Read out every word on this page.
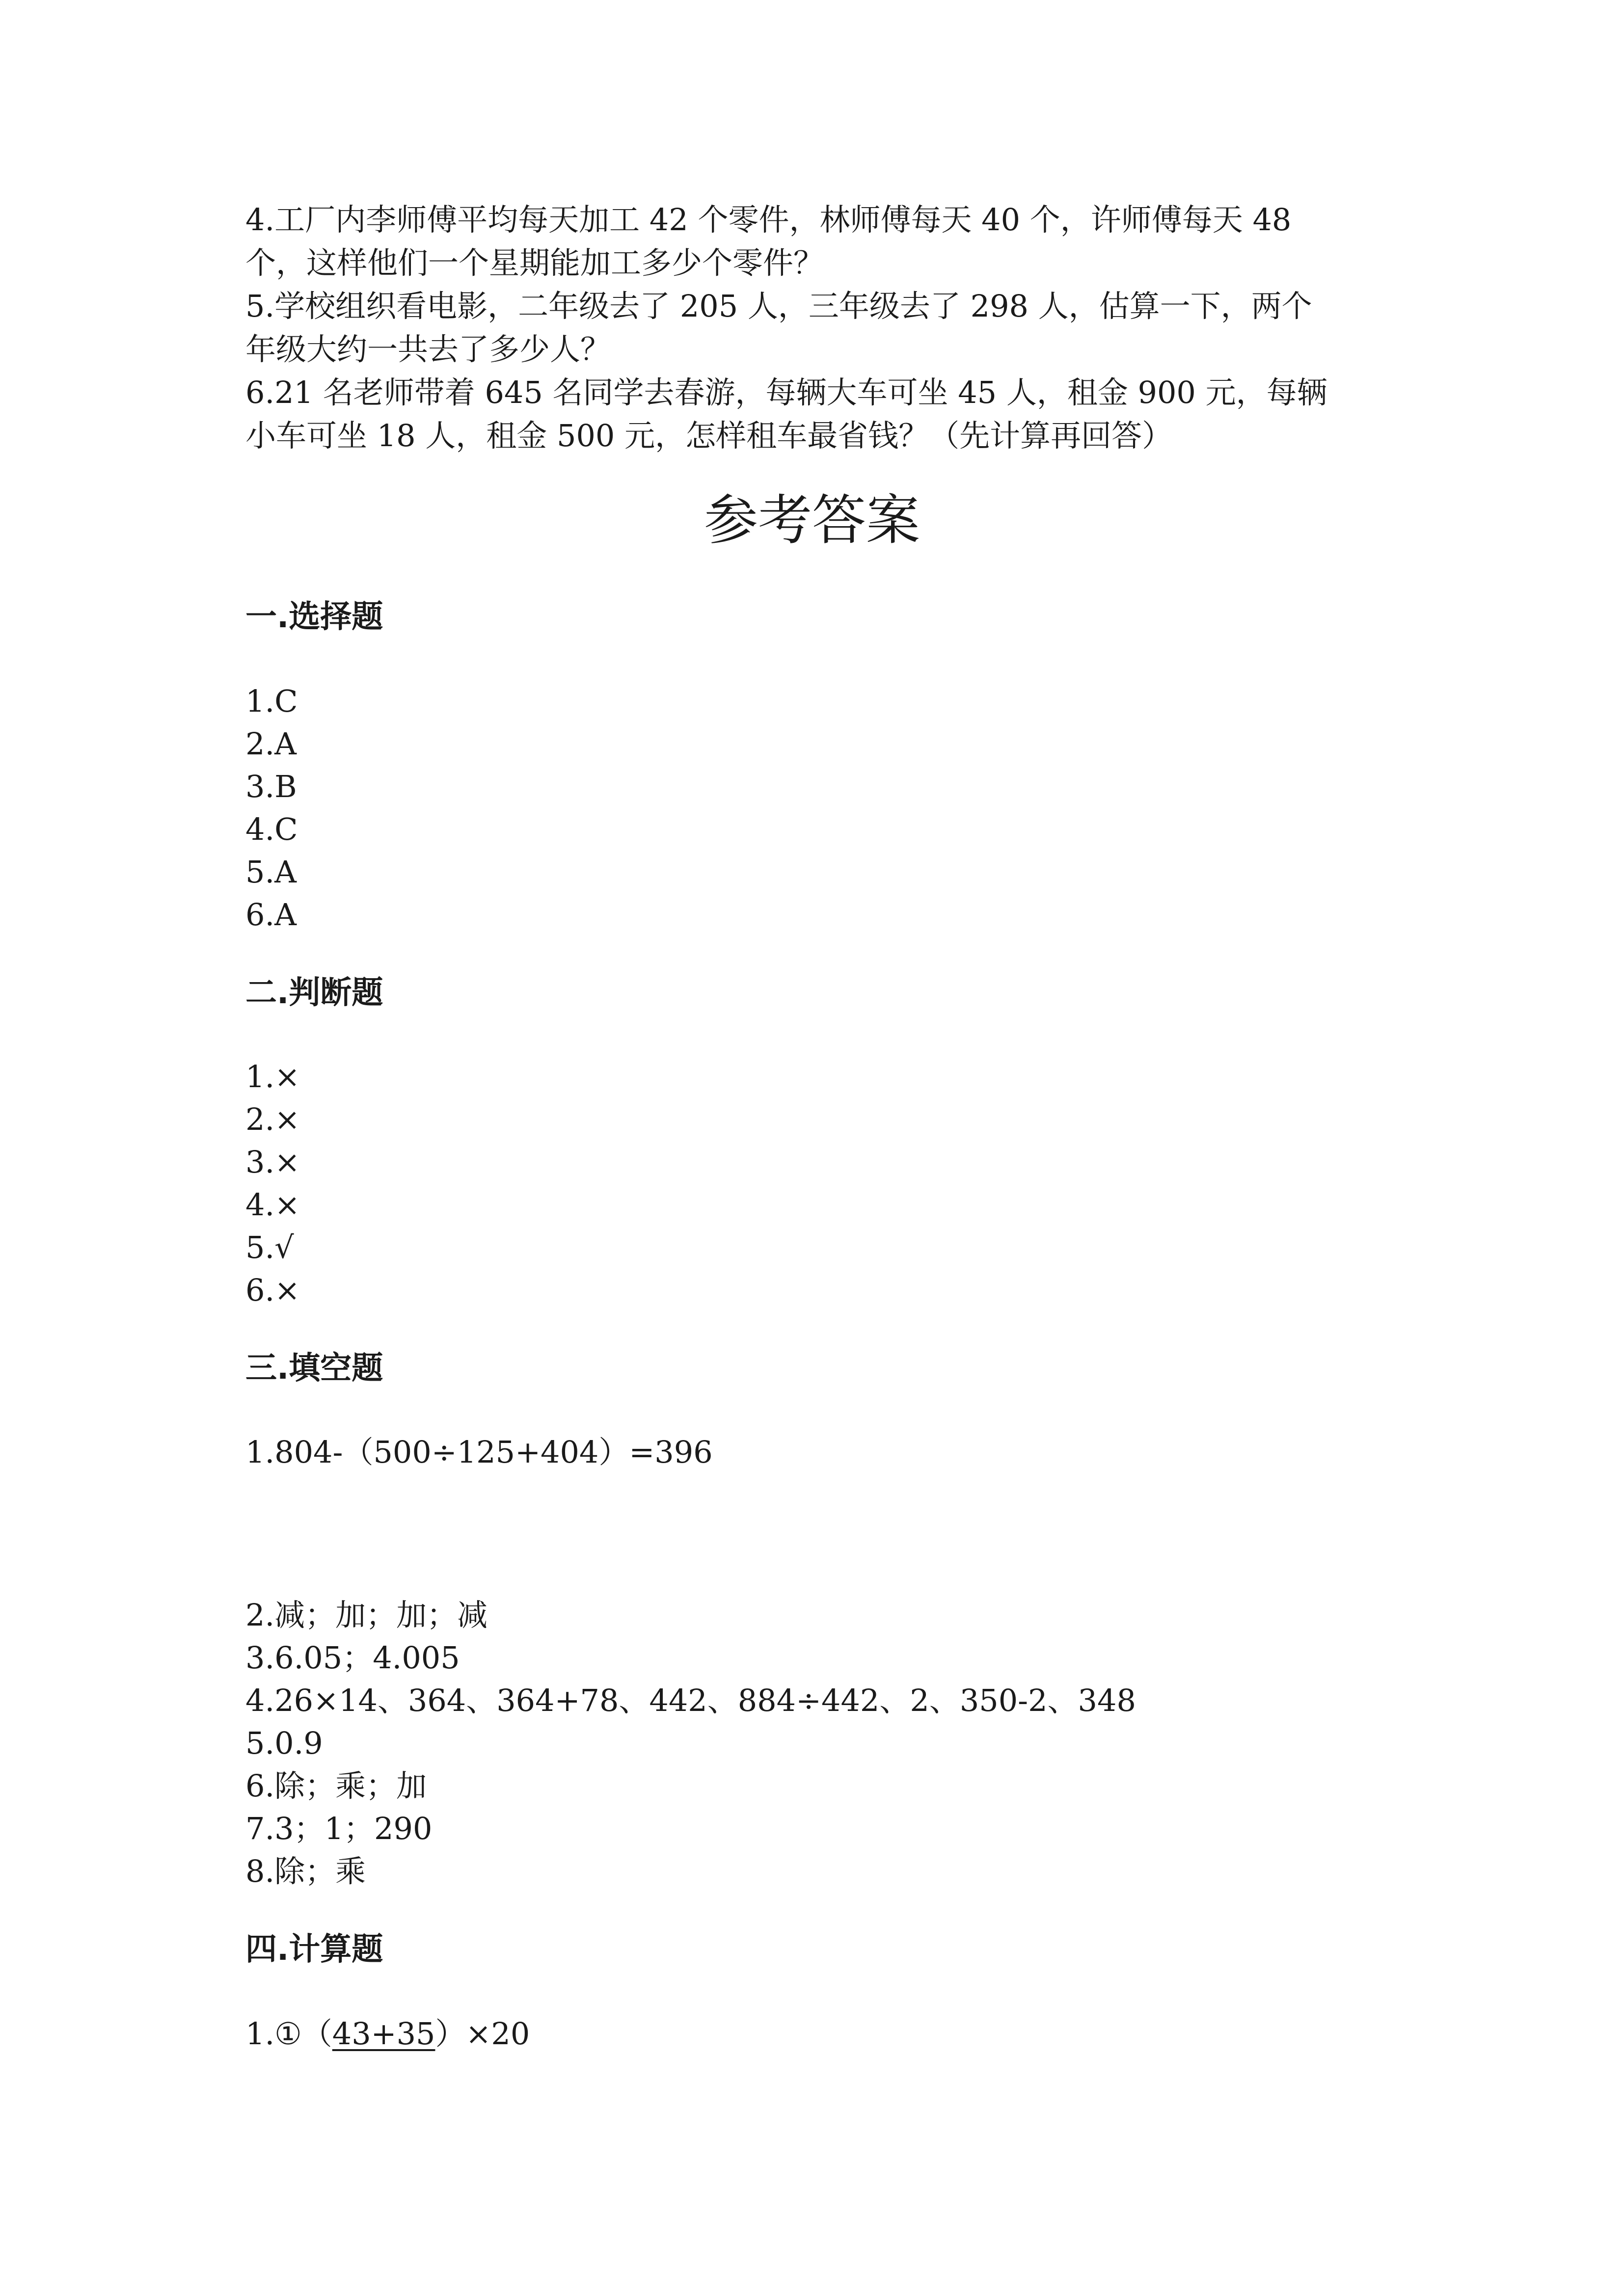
4.工厂内李师傅平均每天加工 42 个零件，林师傅每天 40 个，许师傅每天 48
个，这样他们一个星期能加工多少个零件？
5.学校组织看电影，二年级去了 205 人，三年级去了 298 人，估算一下，两个
年级大约一共去了多少人？
6.21 名老师带着 645 名同学去春游，每辆大车可坐 45 人，租金 900 元，每辆
小车可坐 18 人，租金 500 元，怎样租车最省钱？（先计算再回答）
参考答案
一.选择题
1.C
2.A
3.B
4.C
5.A
6.A
二.判断题
1.×
2.×
3.×
4.×
5.√
6.×
三.填空题
1.804-（500÷125+404）=396
2.减；加；加；减
3.6.05；4.005
4.26×14、364、364+78、442、884÷442、2、350-2、348
5.0.9
6.除；乘；加
7.3；1；290
8.除；乘
四.计算题
1.①（43+35）×20
